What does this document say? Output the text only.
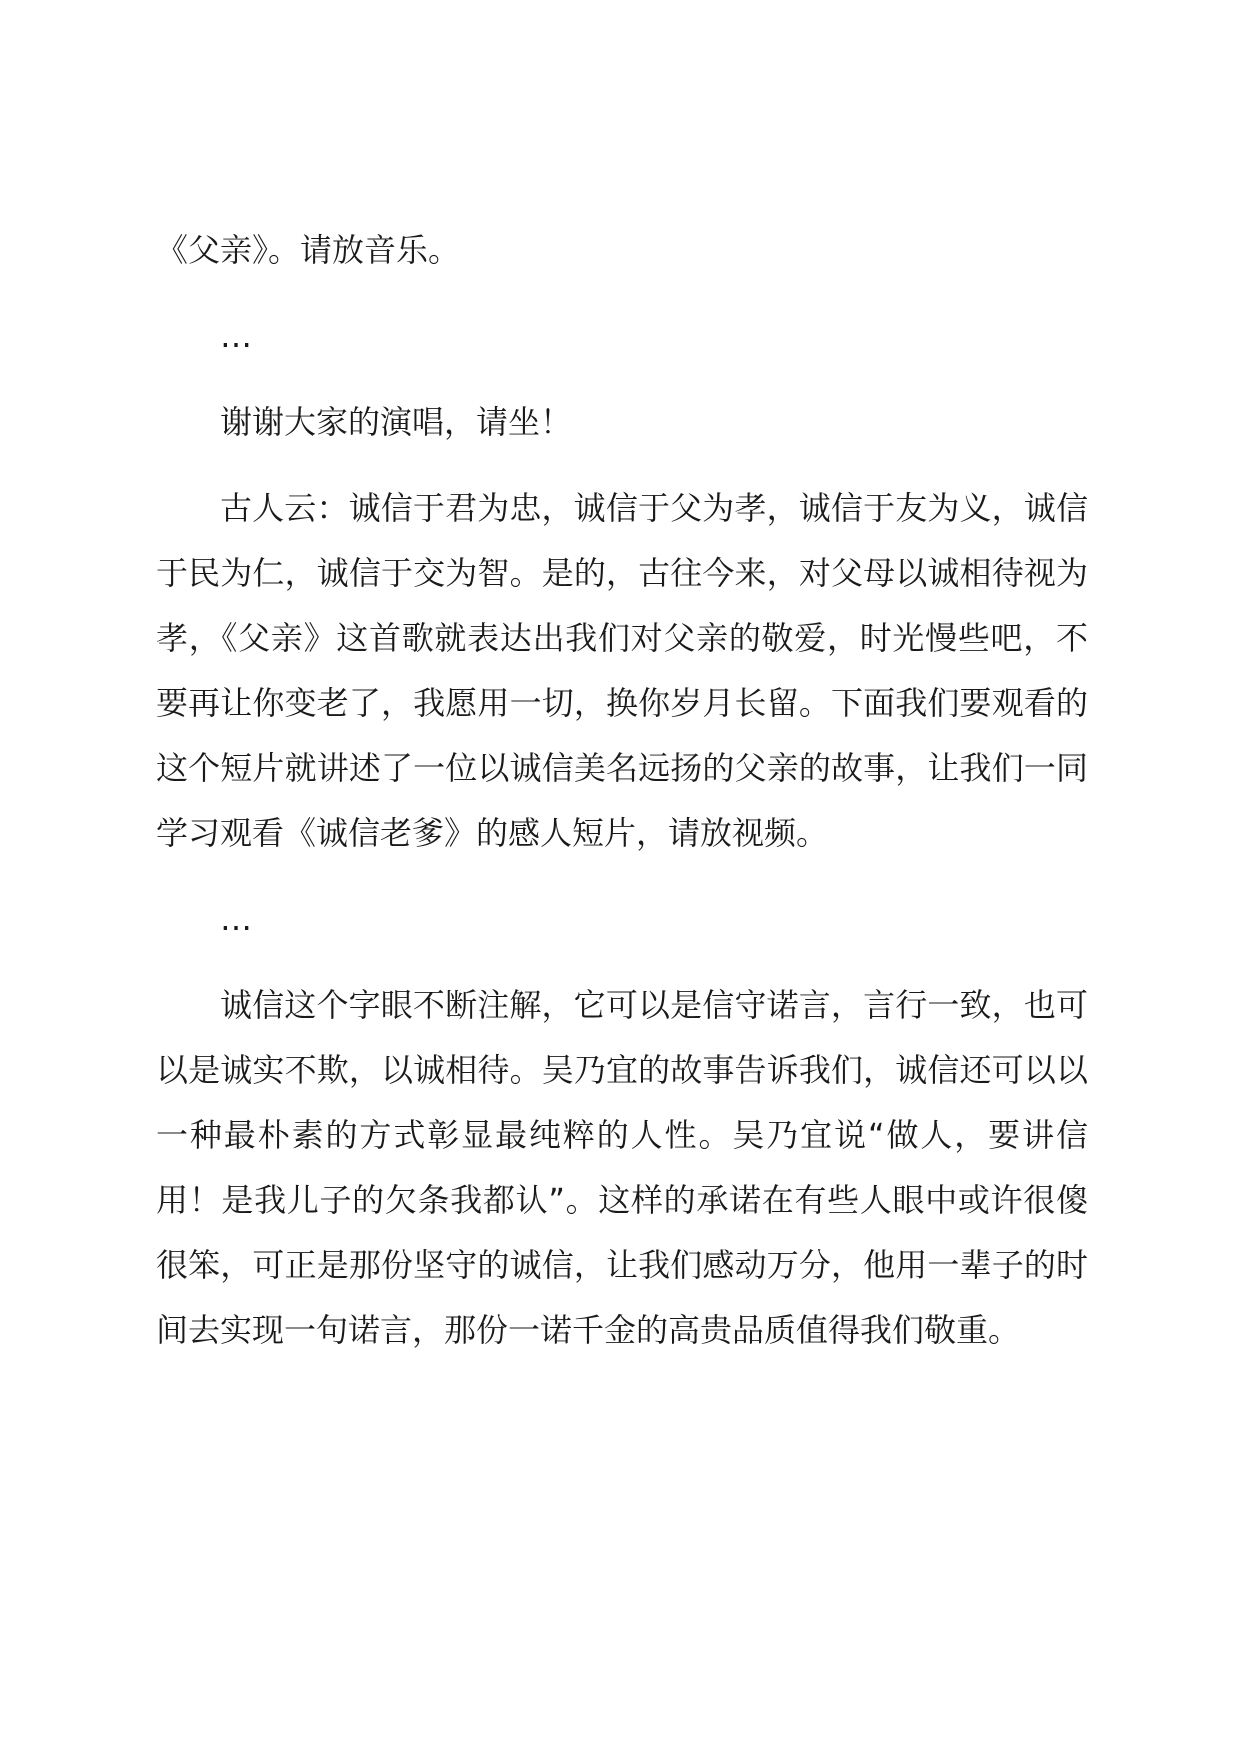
《父亲》。请放音乐。

…

谢谢大家的演唱，请坐！

古人云：诚信于君为忠，诚信于父为孝，诚信于友为义，诚信于民为仁，诚信于交为智。是的，古往今来，对父母以诚相待视为孝，《父亲》这首歌就表达出我们对父亲的敬爱，时光慢些吧，不要再让你变老了，我愿用一切，换你岁月长留。下面我们要观看的这个短片就讲述了一位以诚信美名远扬的父亲的故事，让我们一同学习观看《诚信老爹》的感人短片，请放视频。

…

诚信这个字眼不断注解，它可以是信守诺言，言行一致，也可以是诚实不欺，以诚相待。吴乃宜的故事告诉我们，诚信还可以以一种最朴素的方式彰显最纯粹的人性。吴乃宜说“做人，要讲信用！是我儿子的欠条我都认”。这样的承诺在有些人眼中或许很傻很笨，可正是那份坚守的诚信，让我们感动万分，他用一辈子的时间去实现一句诺言，那份一诺千金的高贵品质值得我们敬重。
